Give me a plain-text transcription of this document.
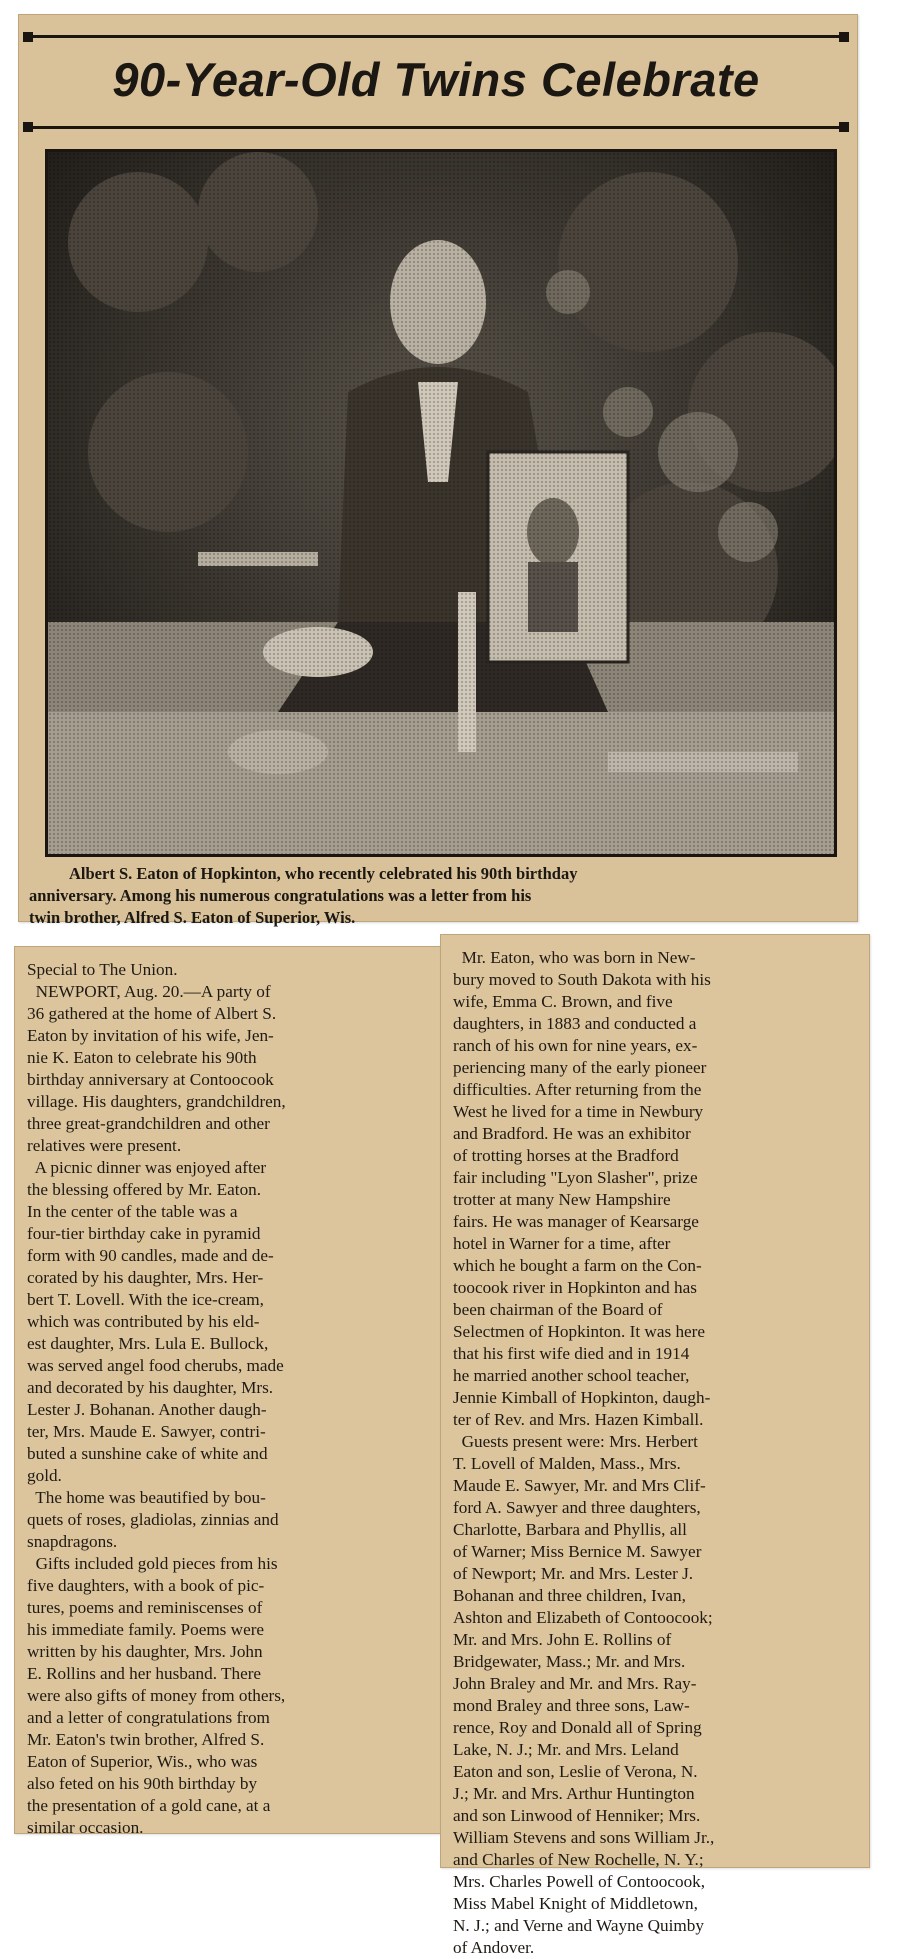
90-Year-Old Twins Celebrate
Albert S. Eaton of Hopkinton, who recently celebrated his 90th birthday
anniversary. Among his numerous congratulations was a letter from his
twin brother, Alfred S. Eaton of Superior, Wis.
Special to The Union.
NEWPORT, Aug. 20.—A party of
36 gathered at the home of Albert S.
Eaton by invitation of his wife, Jen-
nie K. Eaton to celebrate his 90th
birthday anniversary at Contoocook
village. His daughters, grandchildren,
three great-grandchildren and other
relatives were present.
A picnic dinner was enjoyed after
the blessing offered by Mr. Eaton.
In the center of the table was a
four-tier birthday cake in pyramid
form with 90 candles, made and de-
corated by his daughter, Mrs. Her-
bert T. Lovell. With the ice-cream,
which was contributed by his eld-
est daughter, Mrs. Lula E. Bullock,
was served angel food cherubs, made
and decorated by his daughter, Mrs.
Lester J. Bohanan. Another daugh-
ter, Mrs. Maude E. Sawyer, contri-
buted a sunshine cake of white and
gold.
The home was beautified by bou-
quets of roses, gladiolas, zinnias and
snapdragons.
Gifts included gold pieces from his
five daughters, with a book of pic-
tures, poems and reminiscenses of
his immediate family. Poems were
written by his daughter, Mrs. John
E. Rollins and her husband. There
were also gifts of money from others,
and a letter of congratulations from
Mr. Eaton's twin brother, Alfred S.
Eaton of Superior, Wis., who was
also feted on his 90th birthday by
the presentation of a gold cane, at a
similar occasion.
Mr. Eaton, who was born in New-
bury moved to South Dakota with his
wife, Emma C. Brown, and five
daughters, in 1883 and conducted a
ranch of his own for nine years, ex-
periencing many of the early pioneer
difficulties. After returning from the
West he lived for a time in Newbury
and Bradford. He was an exhibitor
of trotting horses at the Bradford
fair including "Lyon Slasher", prize
trotter at many New Hampshire
fairs. He was manager of Kearsarge
hotel in Warner for a time, after
which he bought a farm on the Con-
toocook river in Hopkinton and has
been chairman of the Board of
Selectmen of Hopkinton. It was here
that his first wife died and in 1914
he married another school teacher,
Jennie Kimball of Hopkinton, daugh-
ter of Rev. and Mrs. Hazen Kimball.
Guests present were: Mrs. Herbert
T. Lovell of Malden, Mass., Mrs.
Maude E. Sawyer, Mr. and Mrs Clif-
ford A. Sawyer and three daughters,
Charlotte, Barbara and Phyllis, all
of Warner; Miss Bernice M. Sawyer
of Newport; Mr. and Mrs. Lester J.
Bohanan and three children, Ivan,
Ashton and Elizabeth of Contoocook;
Mr. and Mrs. John E. Rollins of
Bridgewater, Mass.; Mr. and Mrs.
John Braley and Mr. and Mrs. Ray-
mond Braley and three sons, Law-
rence, Roy and Donald all of Spring
Lake, N. J.; Mr. and Mrs. Leland
Eaton and son, Leslie of Verona, N.
J.; Mr. and Mrs. Arthur Huntington
and son Linwood of Henniker; Mrs.
William Stevens and sons William Jr.,
and Charles of New Rochelle, N. Y.;
Mrs. Charles Powell of Contoocook,
Miss Mabel Knight of Middletown,
N. J.; and Verne and Wayne Quimby
of Andover.
